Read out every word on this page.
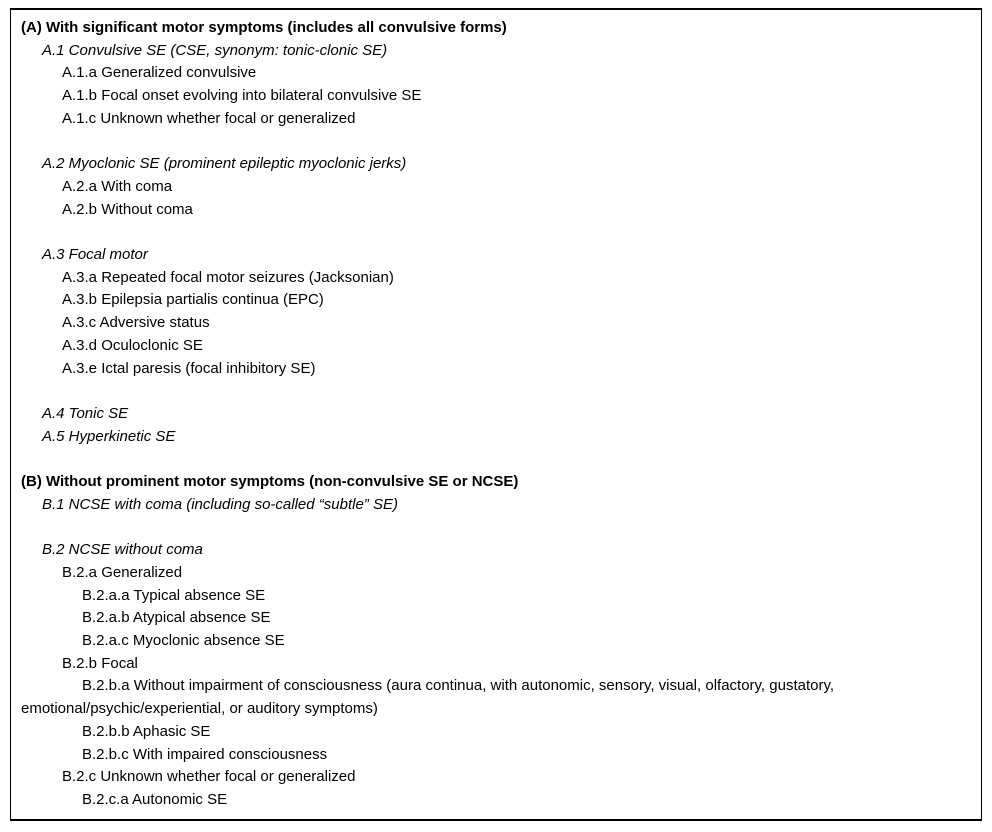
(A) With significant motor symptoms (includes all convulsive forms)
A.1 Convulsive SE (CSE, synonym: tonic-clonic SE)
A.1.a Generalized convulsive
A.1.b Focal onset evolving into bilateral convulsive SE
A.1.c Unknown whether focal or generalized

A.2 Myoclonic SE (prominent epileptic myoclonic jerks)
A.2.a With coma
A.2.b Without coma

A.3 Focal motor
A.3.a Repeated focal motor seizures (Jacksonian)
A.3.b Epilepsia partialis continua (EPC)
A.3.c Adversive status
A.3.d Oculoclonic SE
A.3.e Ictal paresis (focal inhibitory SE)

A.4 Tonic SE
A.5 Hyperkinetic SE

(B) Without prominent motor symptoms (non-convulsive SE or NCSE)
B.1 NCSE with coma (including so-called “subtle” SE)

B.2 NCSE without coma
B.2.a Generalized
B.2.a.a Typical absence SE
B.2.a.b Atypical absence SE
B.2.a.c Myoclonic absence SE
B.2.b Focal
B.2.b.a Without impairment of consciousness (aura continua, with autonomic, sensory, visual, olfactory, gustatory, emotional/psychic/experiential, or auditory symptoms)
B.2.b.b Aphasic SE
B.2.b.c With impaired consciousness
B.2.c Unknown whether focal or generalized
B.2.c.a Autonomic SE
